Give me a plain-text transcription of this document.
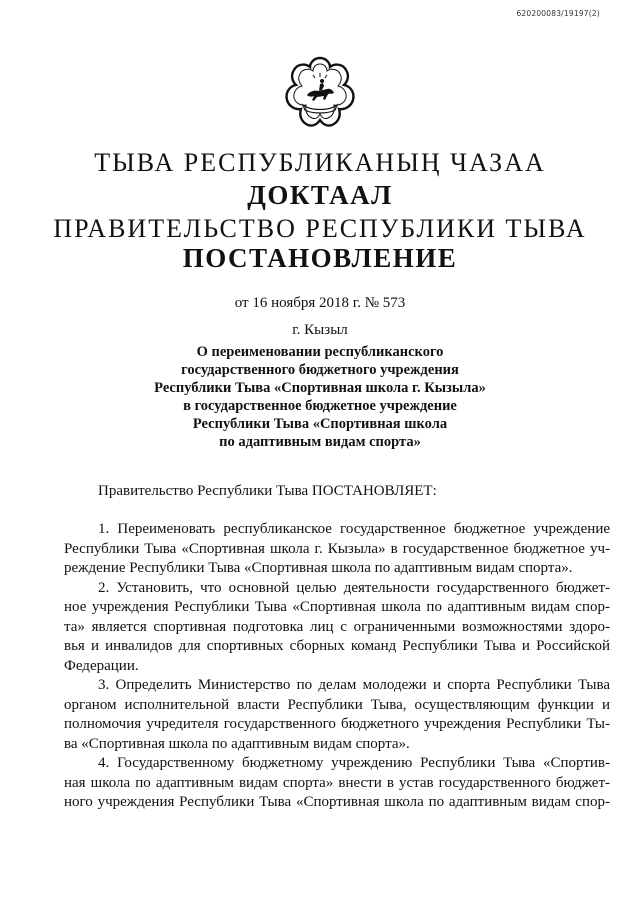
620200083/19197(2)
ТЫВА РЕСПУБЛИКАНЫҢ ЧАЗАА
ДОКТААЛ
ПРАВИТЕЛЬСТВО РЕСПУБЛИКИ ТЫВА
ПОСТАНОВЛЕНИЕ
от 16 ноября 2018 г. № 573
г. Кызыл
О переименовании республиканского
государственного бюджетного учреждения
Республики Тыва «Спортивная школа г. Кызыла»
в государственное бюджетное учреждение
Республики Тыва «Спортивная школа
по адаптивным видам спорта»
Правительство Республики Тыва ПОСТАНОВЛЯЕТ:
1. Переименовать республиканское государственное бюджетное учреждение
Республики Тыва «Спортивная школа г. Кызыла» в государственное бюджетное уч-
реждение Республики Тыва «Спортивная школа по адаптивным видам спорта».
2. Установить, что основной целью деятельности государственного бюджет-
ное учреждения Республики Тыва «Спортивная школа по адаптивным видам спор-
та» является спортивная подготовка лиц с ограниченными возможностями здоро-
вья и инвалидов для спортивных сборных команд Республики Тыва и Российской
Федерации.
3. Определить Министерство по делам молодежи и спорта Республики Тыва
органом исполнительной власти Республики Тыва, осуществляющим функции и
полномочия учредителя государственного бюджетного учреждения Республики Ты-
ва «Спортивная школа по адаптивным видам спорта».
4. Государственному бюджетному учреждению Республики Тыва «Спортив-
ная школа по адаптивным видам спорта» внести в устав государственного бюджет-
ного учреждения Республики Тыва «Спортивная школа по адаптивным видам спор-
